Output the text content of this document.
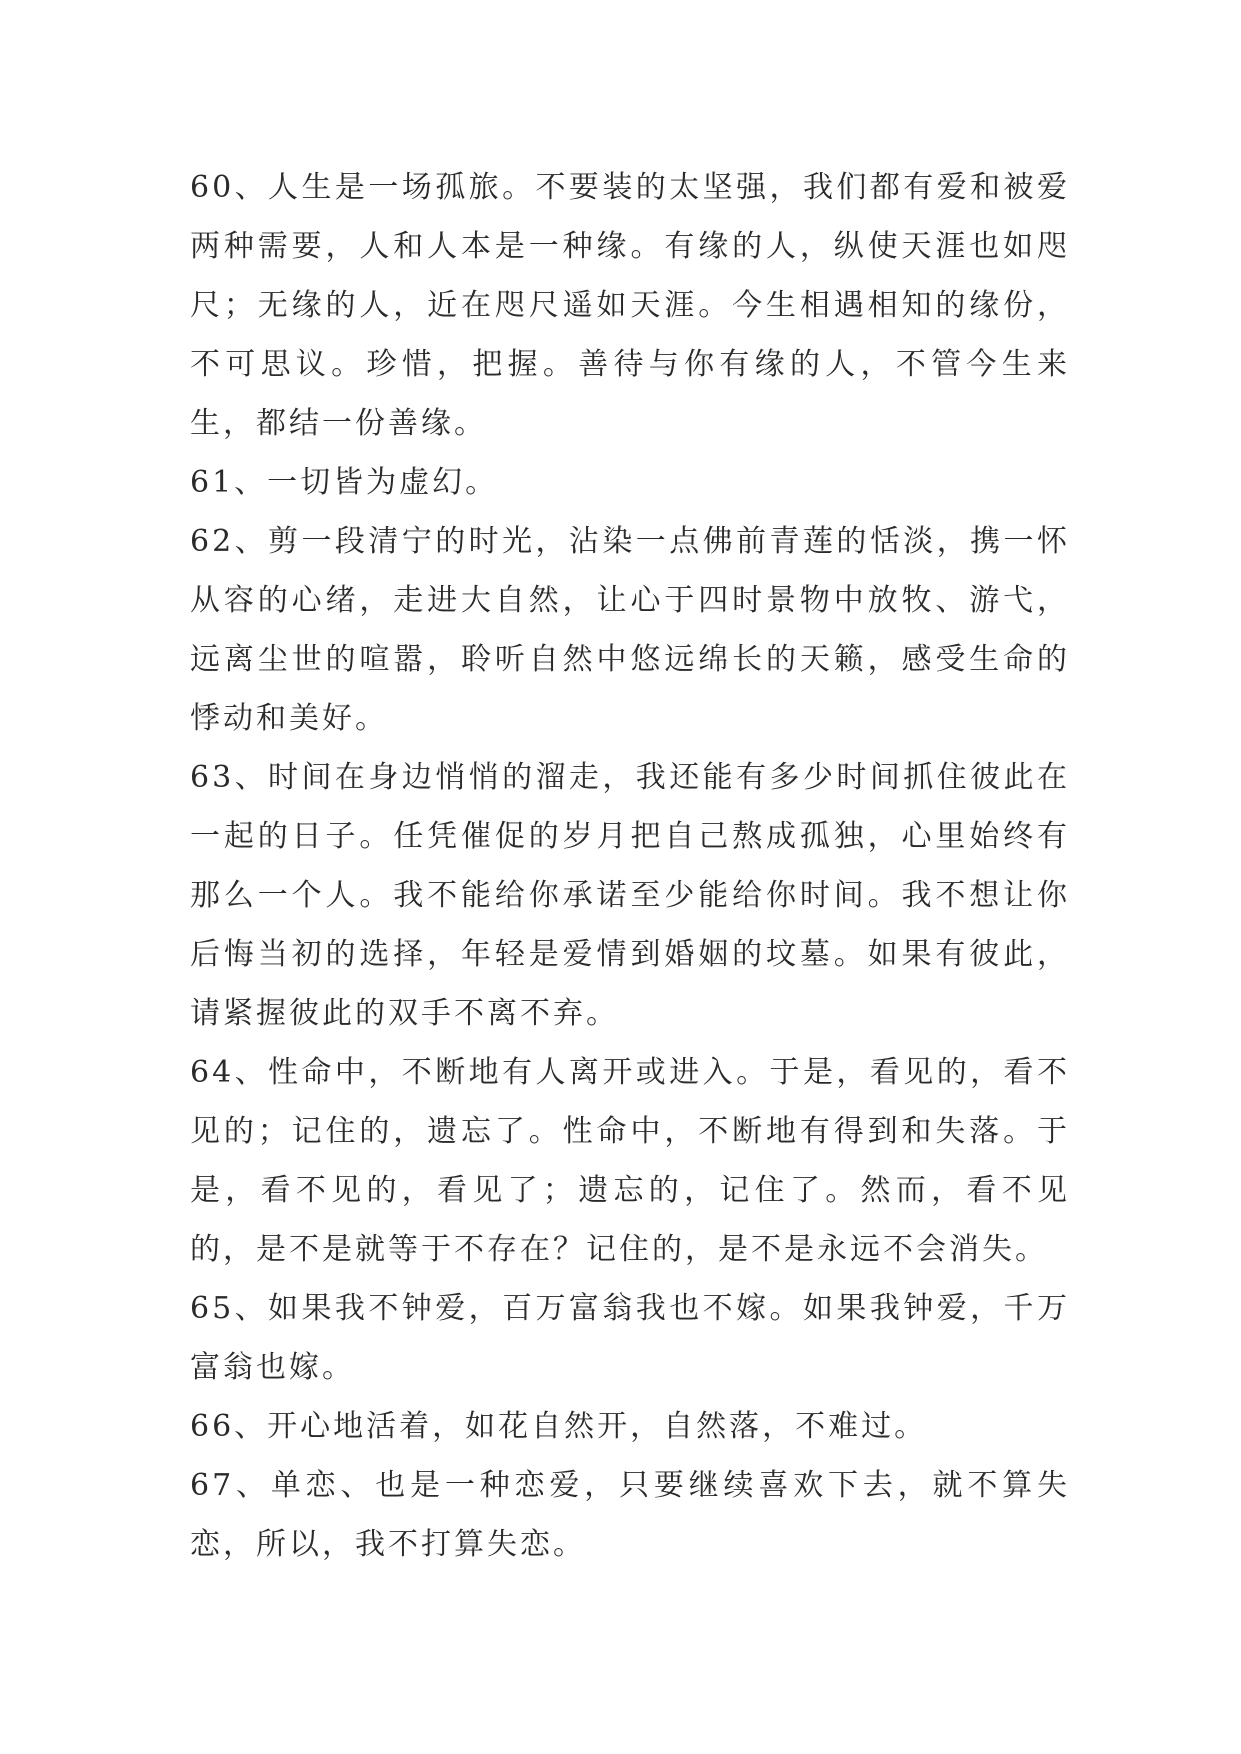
60、人生是一场孤旅。不要装的太坚强，我们都有爱和被爱两种需要，人和人本是一种缘。有缘的人，纵使天涯也如咫尺；无缘的人，近在咫尺遥如天涯。今生相遇相知的缘份，不可思议。珍惜，把握。善待与你有缘的人，不管今生来生，都结一份善缘。

61、一切皆为虚幻。

62、剪一段清宁的时光，沾染一点佛前青莲的恬淡，携一怀从容的心绪，走进大自然，让心于四时景物中放牧、游弋，远离尘世的喧嚣，聆听自然中悠远绵长的天籁，感受生命的悸动和美好。

63、时间在身边悄悄的溜走，我还能有多少时间抓住彼此在一起的日子。任凭催促的岁月把自己熬成孤独，心里始终有那么一个人。我不能给你承诺至少能给你时间。我不想让你后悔当初的选择，年轻是爱情到婚姻的坟墓。如果有彼此，请紧握彼此的双手不离不弃。

64、性命中，不断地有人离开或进入。于是，看见的，看不见的；记住的，遗忘了。性命中，不断地有得到和失落。于是，看不见的，看见了；遗忘的，记住了。然而，看不见的，是不是就等于不存在？记住的，是不是永远不会消失。

65、如果我不钟爱，百万富翁我也不嫁。如果我钟爱，千万富翁也嫁。

66、开心地活着，如花自然开，自然落，不难过。

67、单恋、也是一种恋爱，只要继续喜欢下去，就不算失恋，所以，我不打算失恋。
